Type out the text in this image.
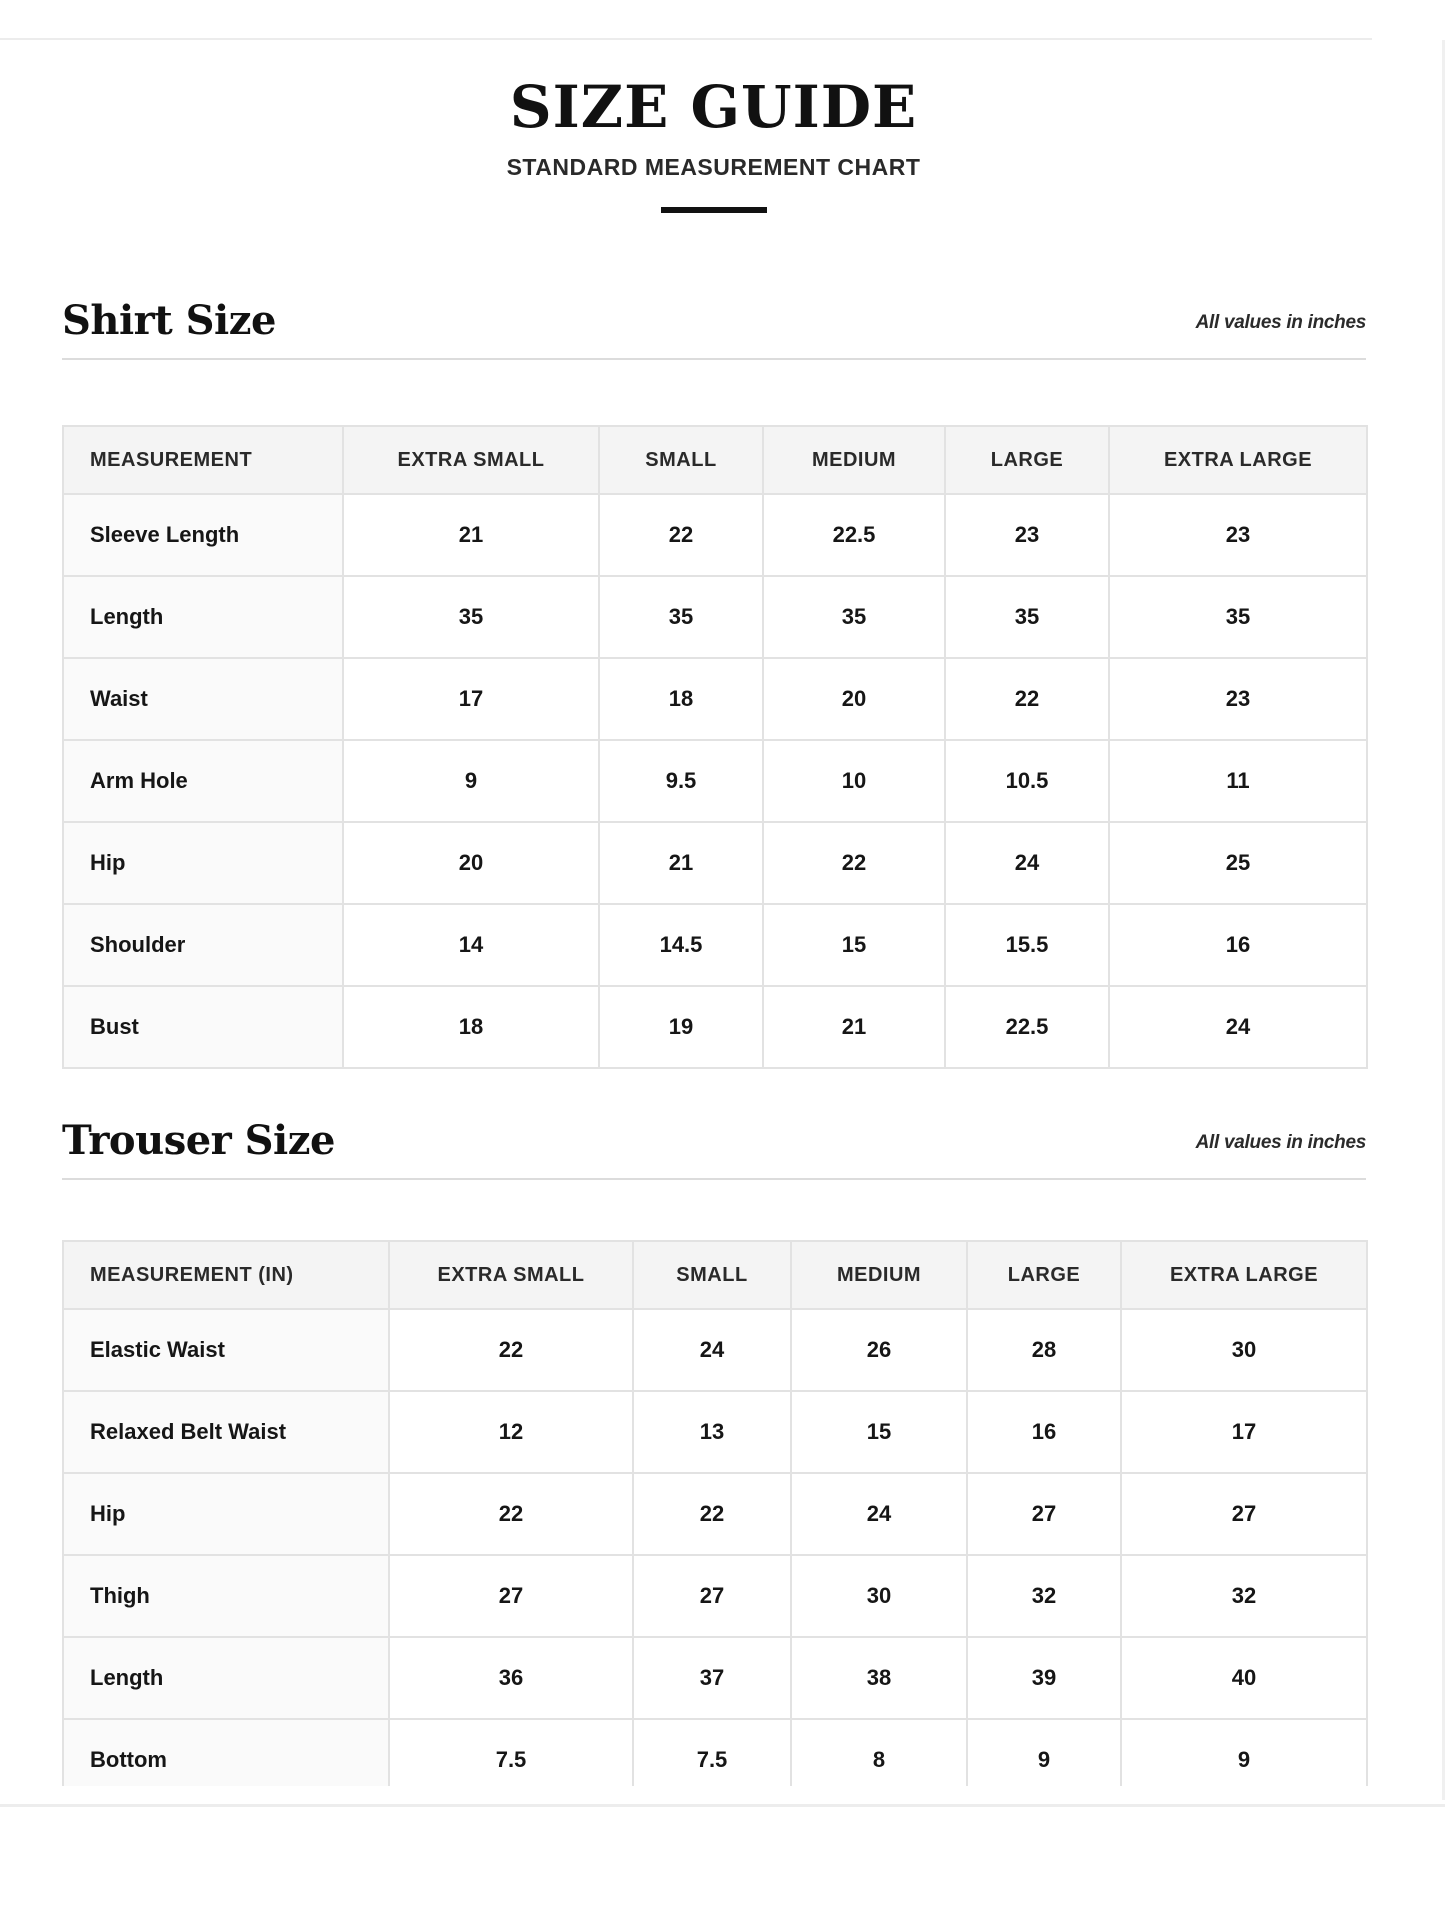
SIZE GUIDE
STANDARD MEASUREMENT CHART
Shirt Size	All values in inches
MEASUREMENT	EXTRA SMALL	SMALL	MEDIUM	LARGE	EXTRA LARGE
Sleeve Length	21	22	22.5	23	23
Length	35	35	35	35	35
Waist	17	18	20	22	23
Arm Hole	9	9.5	10	10.5	11
Hip	20	21	22	24	25
Shoulder	14	14.5	15	15.5	16
Bust	18	19	21	22.5	24
Trouser Size	All values in inches
MEASUREMENT (IN)	EXTRA SMALL	SMALL	MEDIUM	LARGE	EXTRA LARGE
Elastic Waist	22	24	26	28	30
Relaxed Belt Waist	12	13	15	16	17
Hip	22	22	24	27	27
Thigh	27	27	30	32	32
Length	36	37	38	39	40
Bottom	7.5	7.5	8	9	9
